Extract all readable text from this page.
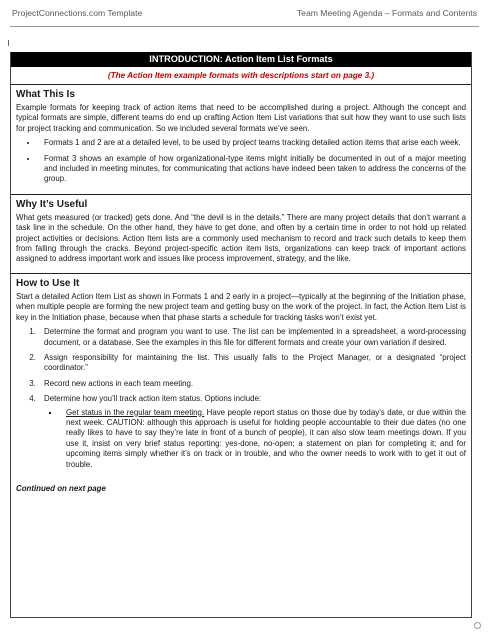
ProjectConnections.com Template	Team Meeting Agenda – Formats and Contents
INTRODUCTION: Action Item List Formats
(The Action Item example formats with descriptions start on page 3.)
What This Is

Example formats for keeping track of action items that need to be accomplished during a project. Although the concept and typical formats are simple, different teams do end up crafting Action Item List variations that suit how they want to use such lists for project tracking and communication. So we included several formats we’ve seen.

• Formats 1 and 2 are at a detailed level, to be used by project teams tracking detailed action items that arise each week.
• Format 3 shows an example of how organizational-type items might initially be documented in out of a major meeting and included in meeting minutes, for communicating that actions have indeed been taken to address the concerns of the group.
Why It’s Useful

What gets measured (or tracked) gets done. And “the devil is in the details.” There are many project details that don’t warrant a task line in the schedule. On the other hand, they have to get done, and often by a certain time in order to not hold up related project activities or decisions. Action Item lists are a commonly used mechanism to record and track such details to keep them from falling through the cracks. Beyond project-specific action item lists, organizations can keep track of important actions assigned to address important work and issues like process improvement, strategy, and the like.

How to Use It

Start a detailed Action Item List as shown in Formats 1 and 2 early in a project—typically at the beginning of the Initiation phase, when multiple people are forming the new project team and getting busy on the work of the project. In fact, the Action Item List is key in the Initiation phase, because when that phase starts a schedule for tracking tasks won’t exist yet.

1. Determine the format and program you want to use. The list can be implemented in a spreadsheet, a word-processing document, or a database. See the examples in this file for different formats and create your own variation if desired.
2. Assign responsibility for maintaining the list. This usually falls to the Project Manager, or a designated “project coordinator.”
3. Record new actions in each team meeting.
4. Determine how you’ll track action item status. Options include:
▪ Get status in the regular team meeting. Have people report status on those due by today’s date, or due within the next week. CAUTION: although this approach is useful for holding people accountable to their due dates (no one really likes to have to say they’re late in front of a bunch of people), it can also slow team meetings down. If you use it, insist on very brief status reporting: yes-done, no-open; a statement on plan for completing it; and for upcoming items simply whether it’s on track or in trouble, and who the owner needs to work with to get it out of trouble.
Continued on next page
